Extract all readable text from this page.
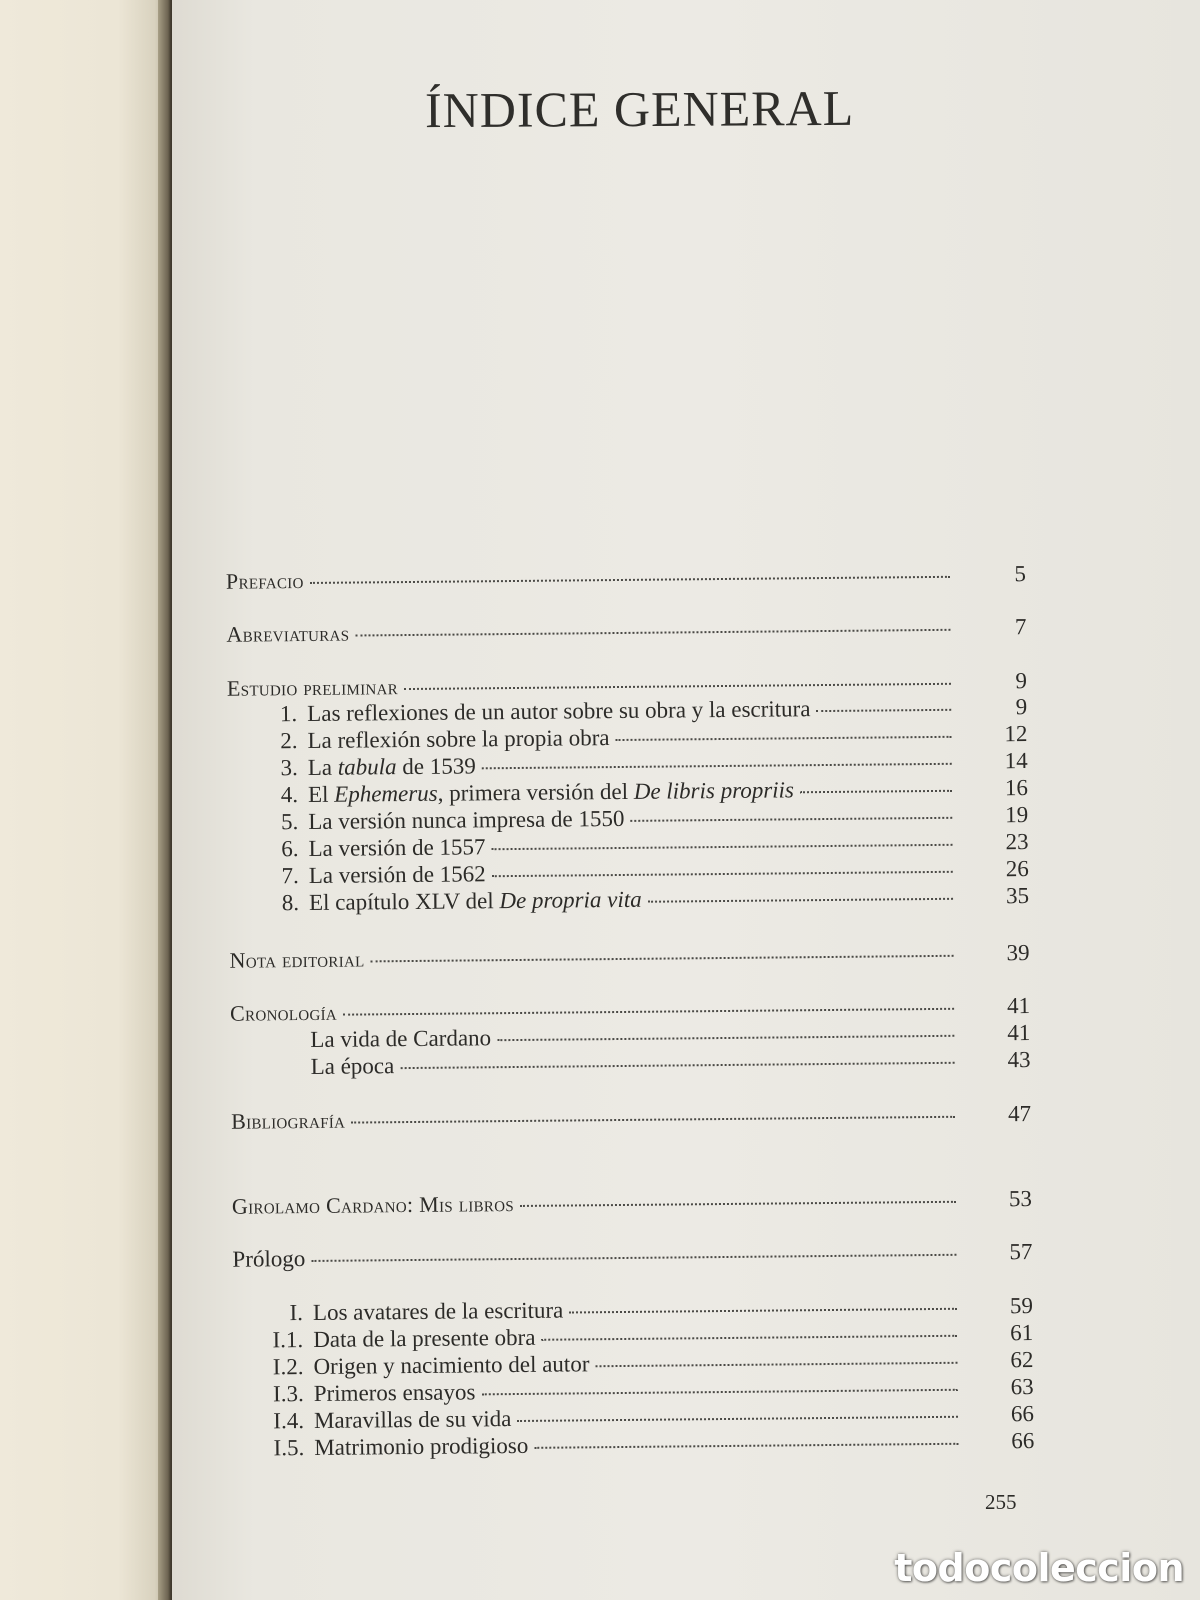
ÍNDICE GENERAL
Prefacio	5
Abreviaturas	7
Estudio preliminar	9
1. Las reflexiones de un autor sobre su obra y la escritura	9
2. La reflexión sobre la propia obra	12
3. La tabula de 1539	14
4. El Ephemerus , primera versión del De libris propriis	16
5. La versión nunca impresa de 1550	19
6. La versión de 1557	23
7. La versión de 1562	26
8. El capítulo XLV del De propria vita	35
Nota editorial	39
Cronología	41
La vida de Cardano	41
La época	43
Bibliografía	47
Girolamo Cardano: Mis libros	53
Prólogo	57
I. Los avatares de la escritura	59
I.1. Data de la presente obra	61
I.2. Origen y nacimiento del autor	62
I.3. Primeros ensayos	63
I.4. Maravillas de su vida	66
I.5. Matrimonio prodigioso	66
255
todocoleccion
